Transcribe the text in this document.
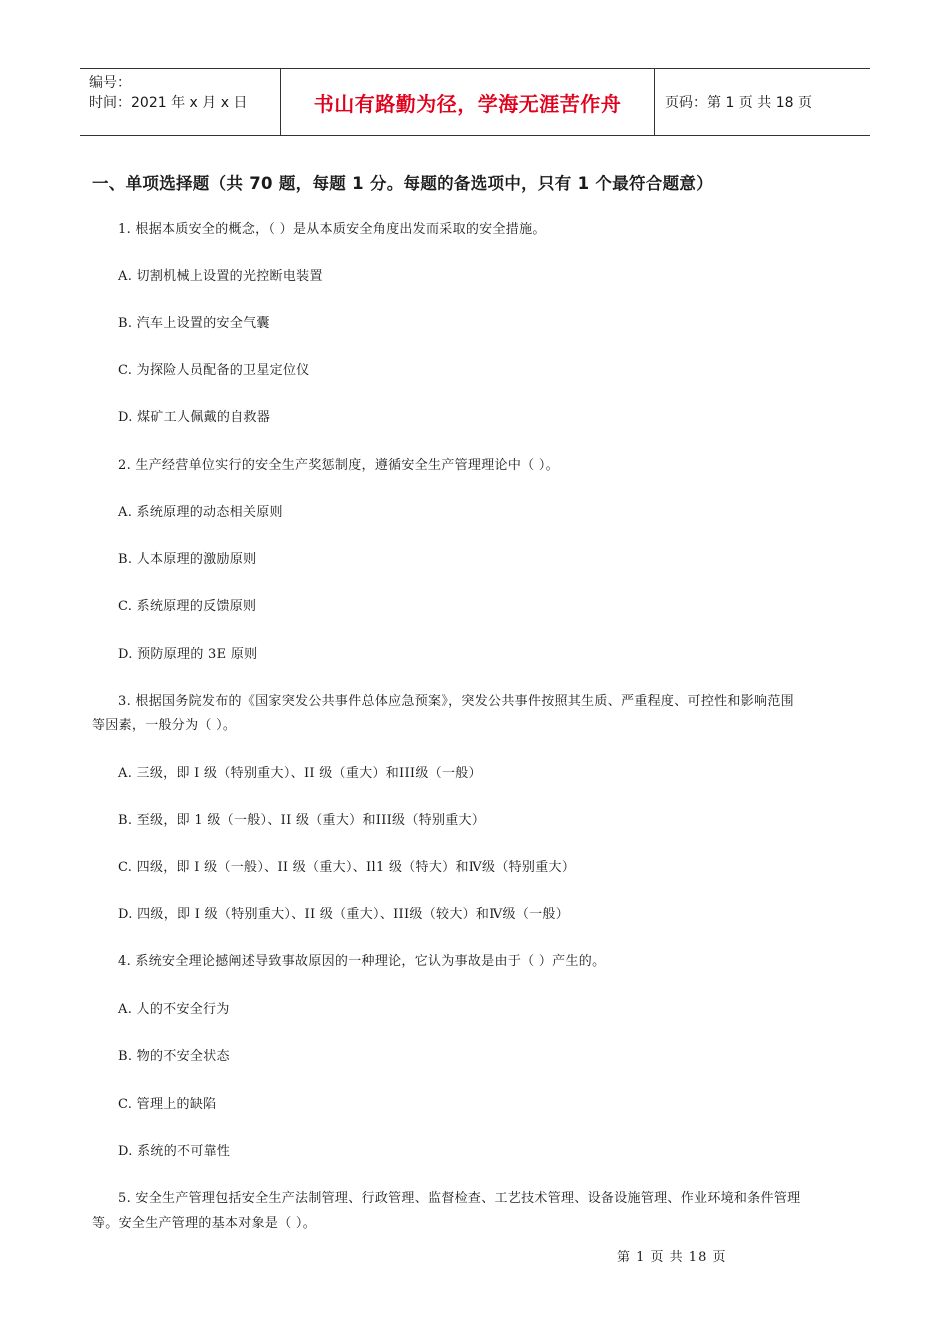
编号：
时间：2021 年 x 月 x 日	书山有路勤为径，学海无涯苦作舟	页码：第 1 页 共 18 页
一、单项选择题（共 70 题，每题 1 分。每题的备选项中，只有 1 个最符合题意）
1. 根据本质安全的概念，（ ）是从本质安全角度出发而采取的安全措施。
A. 切割机械上设置的光控断电装置
B. 汽车上设置的安全气囊
C. 为探险人员配备的卫星定位仪
D. 煤矿工人佩戴的自救器
2. 生产经营单位实行的安全生产奖惩制度，遵循安全生产管理理论中（ ）。
A. 系统原理的动态相关原则
B. 人本原理的激励原则
C. 系统原理的反馈原则
D. 预防原理的 3E 原则
3. 根据国务院发布的《国家突发公共事件总体应急预案》，突发公共事件按照其生质、严重程度、可控性和影响范围
等因素，一般分为（ ）。
A. 三级，即 I 级（特别重大）、II 级（重大）和III级（一般）
B. 至级，即 1 级（一般）、II 级（重大）和III级（特别重大）
C. 四级，即 I 级（一般）、II 级（重大）、Il1 级（特大）和Ⅳ级（特别重大）
D. 四级，即 I 级（特别重大）、II 级（重大）、III级（较大）和Ⅳ级（一般）
4. 系统安全理论撼阐述导致事故原因的一种理论，它认为事故是由于（ ）产生的。
A. 人的不安全行为
B. 物的不安全状态
C. 管理上的缺陷
D. 系统的不可靠性
5. 安全生产管理包括安全生产法制管理、行政管理、监督检查、工艺技术管理、设备设施管理、作业环境和条件管理
等。安全生产管理的基本对象是（ ）。
第 1 页 共 18 页
